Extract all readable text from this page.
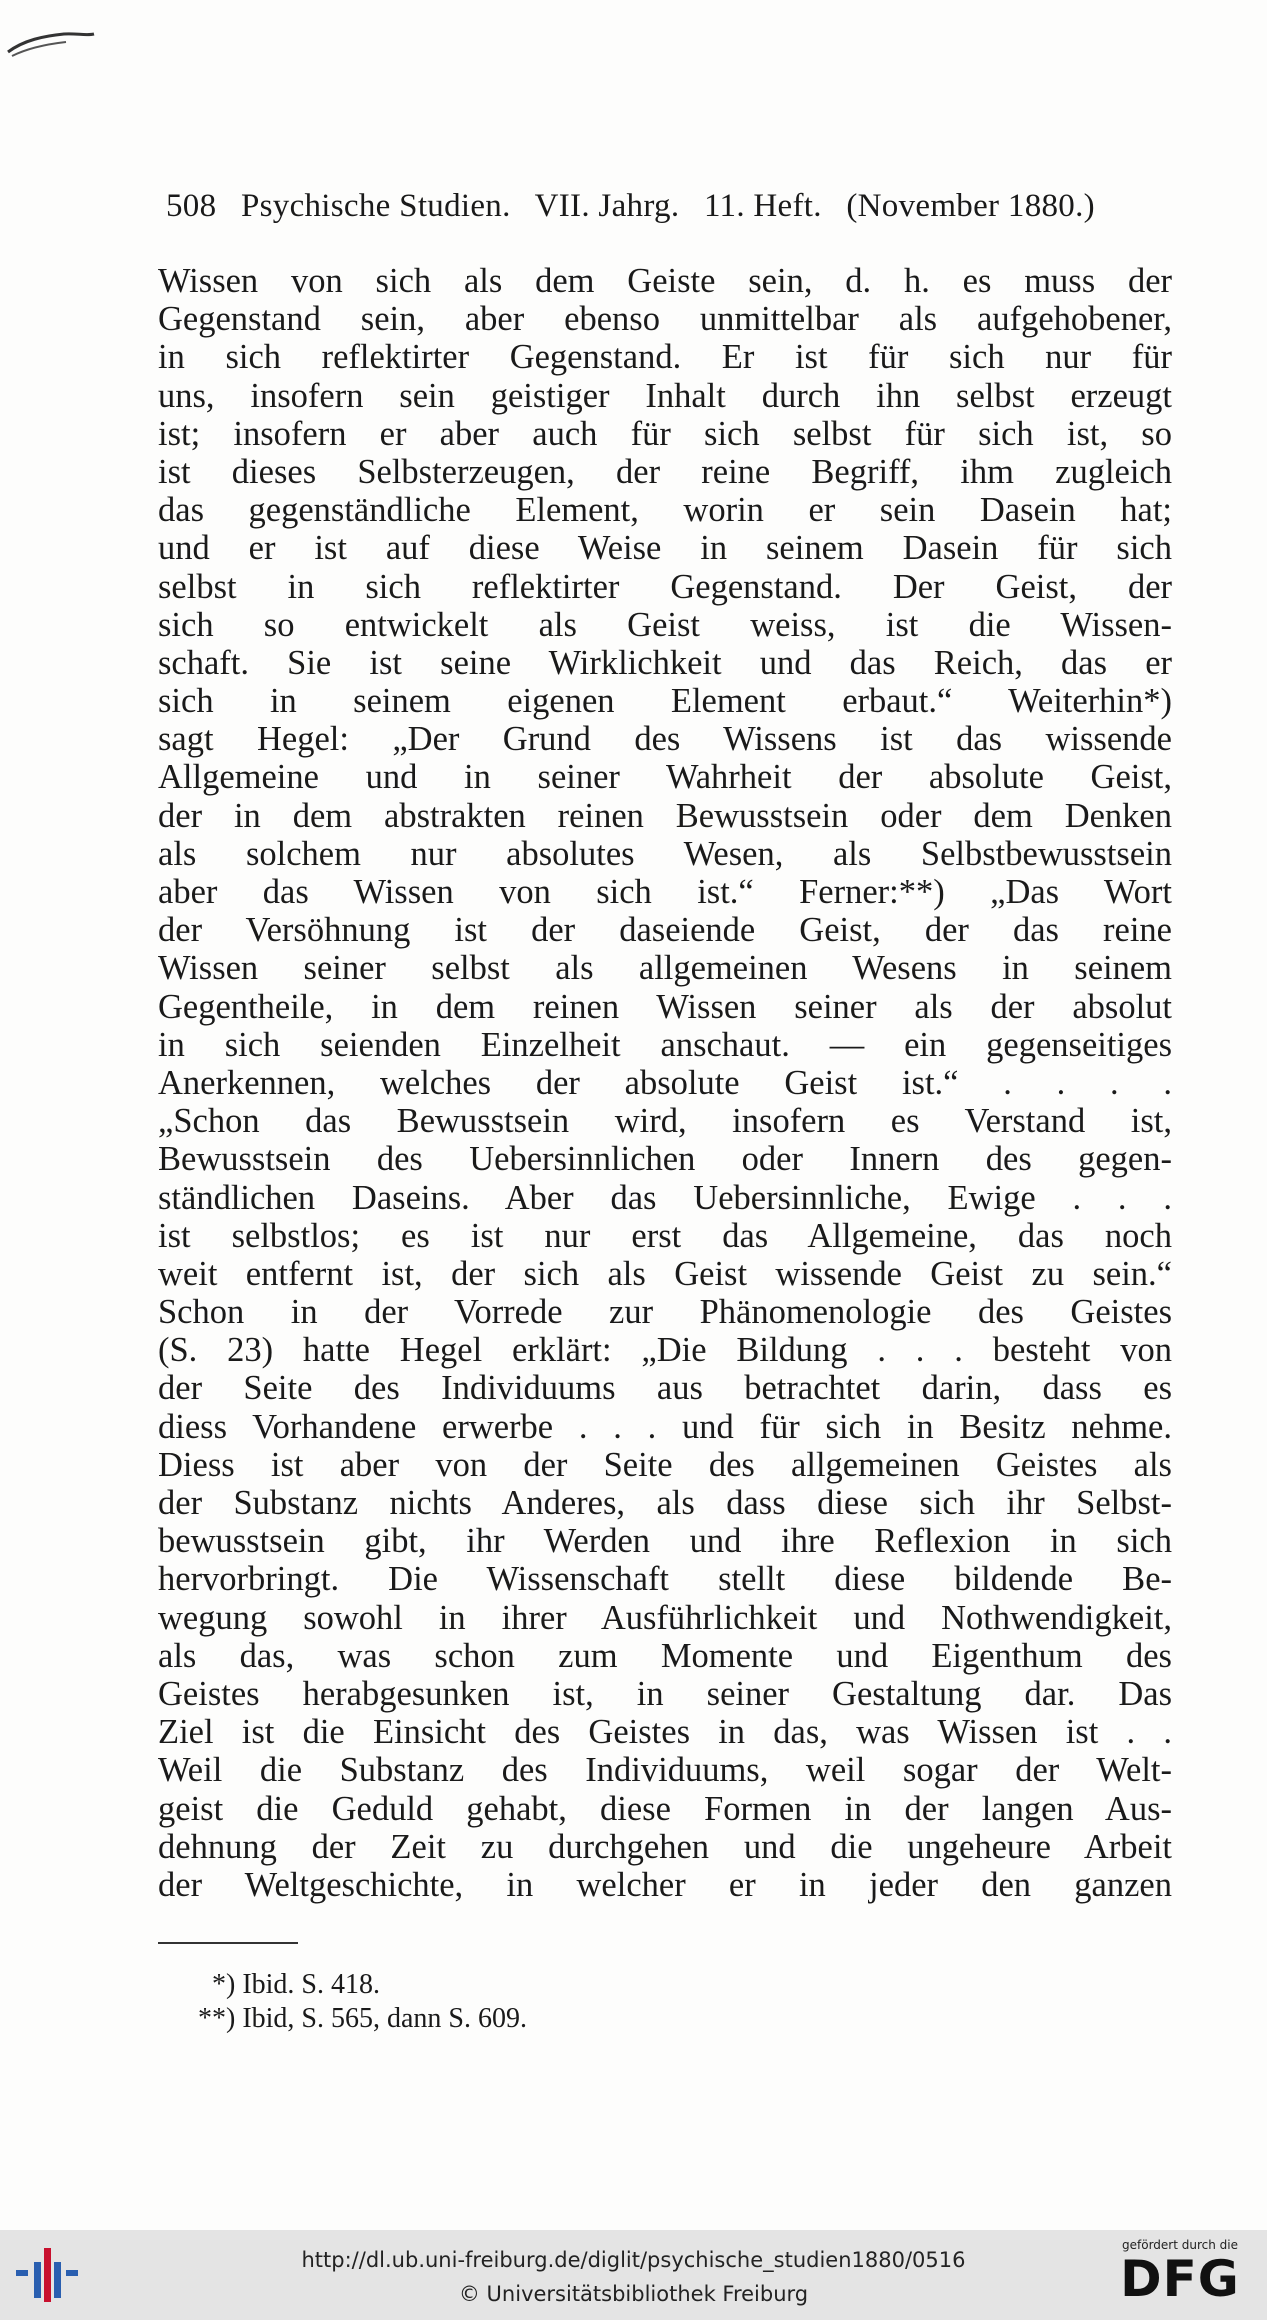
508 Psychische Studien. VII. Jahrg. 11. Heft. (November 1880.)
Wissen von sich als dem Geiste sein, d. h. es muss der
Gegenstand sein, aber ebenso unmittelbar als aufgehobener,
in sich reflektirter Gegenstand. Er ist für sich nur für
uns, insofern sein geistiger Inhalt durch ihn selbst erzeugt
ist; insofern er aber auch für sich selbst für sich ist, so
ist dieses Selbsterzeugen, der reine Begriff, ihm zugleich
das gegenständliche Element, worin er sein Dasein hat;
und er ist auf diese Weise in seinem Dasein für sich
selbst in sich reflektirter Gegenstand. Der Geist, der
sich so entwickelt als Geist weiss, ist die Wissen-
schaft. Sie ist seine Wirklichkeit und das Reich, das er
sich in seinem eigenen Element erbaut.“ Weiterhin*)
sagt Hegel: „Der Grund des Wissens ist das wissende
Allgemeine und in seiner Wahrheit der absolute Geist,
der in dem abstrakten reinen Bewusstsein oder dem Denken
als solchem nur absolutes Wesen, als Selbstbewusstsein
aber das Wissen von sich ist.“ Ferner:**) „Das Wort
der Versöhnung ist der daseiende Geist, der das reine
Wissen seiner selbst als allgemeinen Wesens in seinem
Gegentheile, in dem reinen Wissen seiner als der absolut
in sich seienden Einzelheit anschaut. — ein gegenseitiges
Anerkennen, welches der absolute Geist ist.“ . . . .
„Schon das Bewusstsein wird, insofern es Verstand ist,
Bewusstsein des Uebersinnlichen oder Innern des gegen-
ständlichen Daseins. Aber das Uebersinnliche, Ewige . . .
ist selbstlos; es ist nur erst das Allgemeine, das noch
weit entfernt ist, der sich als Geist wissende Geist zu sein.“
Schon in der Vorrede zur Phänomenologie des Geistes
(S. 23) hatte Hegel erklärt: „Die Bildung . . . besteht von
der Seite des Individuums aus betrachtet darin, dass es
diess Vorhandene erwerbe . . . und für sich in Besitz nehme.
Diess ist aber von der Seite des allgemeinen Geistes als
der Substanz nichts Anderes, als dass diese sich ihr Selbst-
bewusstsein gibt, ihr Werden und ihre Reflexion in sich
hervorbringt. Die Wissenschaft stellt diese bildende Be-
wegung sowohl in ihrer Ausführlichkeit und Nothwendigkeit,
als das, was schon zum Momente und Eigenthum des
Geistes herabgesunken ist, in seiner Gestaltung dar. Das
Ziel ist die Einsicht des Geistes in das, was Wissen ist . .
Weil die Substanz des Individuums, weil sogar der Welt-
geist die Geduld gehabt, diese Formen in der langen Aus-
dehnung der Zeit zu durchgehen und die ungeheure Arbeit
der Weltgeschichte, in welcher er in jeder den ganzen
*) Ibid. S. 418.
**) Ibid, S. 565, dann S. 609.
http://dl.ub.uni-freiburg.de/diglit/psychische_studien1880/0516
© Universitätsbibliothek Freiburg
gefördert durch die
DFG
